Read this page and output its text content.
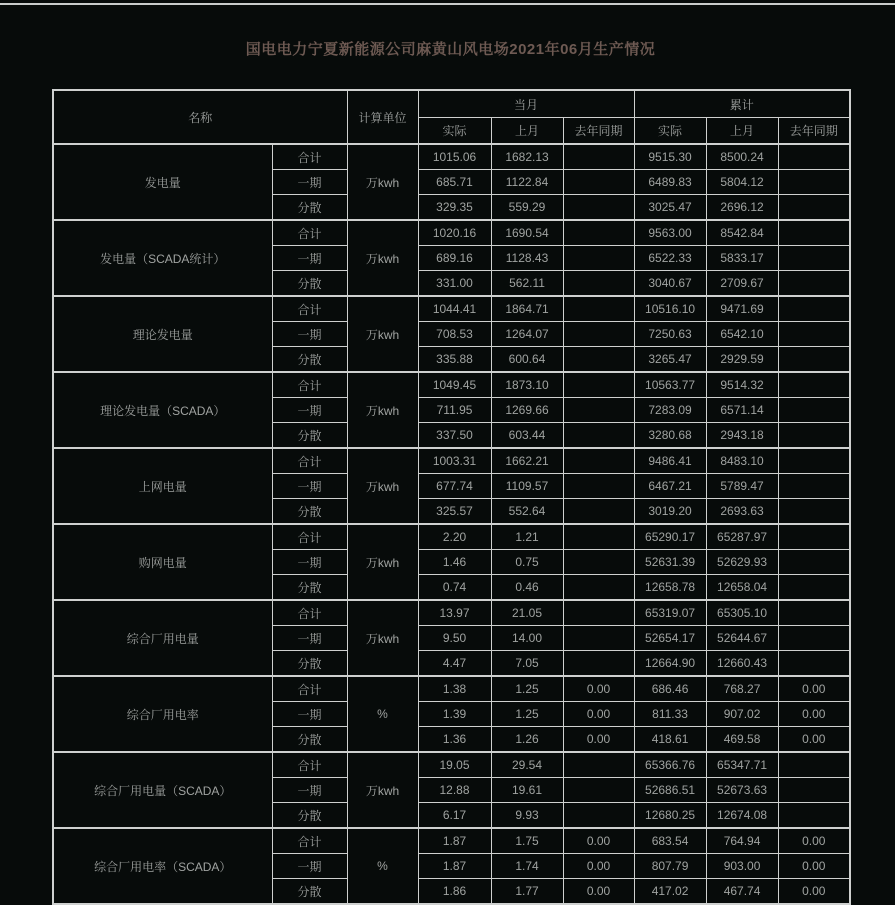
国电电力宁夏新能源公司麻黄山风电场2021年06月生产情况
名称		计算单位	当月			累计		
			实际	上月	去年同期	实际	上月	去年同期
发电量	合计	万kwh	1015.06	1682.13		9515.30	8500.24	
	一期		685.71	1122.84		6489.83	5804.12	
	分散		329.35	559.29		3025.47	2696.12	
发电量（SCADA统计）	合计	万kwh	1020.16	1690.54		9563.00	8542.84	
	一期		689.16	1128.43		6522.33	5833.17	
	分散		331.00	562.11		3040.67	2709.67	
理论发电量	合计	万kwh	1044.41	1864.71		10516.10	9471.69	
	一期		708.53	1264.07		7250.63	6542.10	
	分散		335.88	600.64		3265.47	2929.59	
理论发电量（SCADA）	合计	万kwh	1049.45	1873.10		10563.77	9514.32	
	一期		711.95	1269.66		7283.09	6571.14	
	分散		337.50	603.44		3280.68	2943.18	
上网电量	合计	万kwh	1003.31	1662.21		9486.41	8483.10	
	一期		677.74	1109.57		6467.21	5789.47	
	分散		325.57	552.64		3019.20	2693.63	
购网电量	合计	万kwh	2.20	1.21		65290.17	65287.97	
	一期		1.46	0.75		52631.39	52629.93	
	分散		0.74	0.46		12658.78	12658.04	
综合厂用电量	合计	万kwh	13.97	21.05		65319.07	65305.10	
	一期		9.50	14.00		52654.17	52644.67	
	分散		4.47	7.05		12664.90	12660.43	
综合厂用电率	合计	%	1.38	1.25	0.00	686.46	768.27	0.00
	一期		1.39	1.25	0.00	811.33	907.02	0.00
	分散		1.36	1.26	0.00	418.61	469.58	0.00
综合厂用电量（SCADA）	合计	万kwh	19.05	29.54		65366.76	65347.71	
	一期		12.88	19.61		52686.51	52673.63	
	分散		6.17	9.93		12680.25	12674.08	
综合厂用电率（SCADA）	合计	%	1.87	1.75	0.00	683.54	764.94	0.00
	一期		1.87	1.74	0.00	807.79	903.00	0.00
	分散		1.86	1.77	0.00	417.02	467.74	0.00
